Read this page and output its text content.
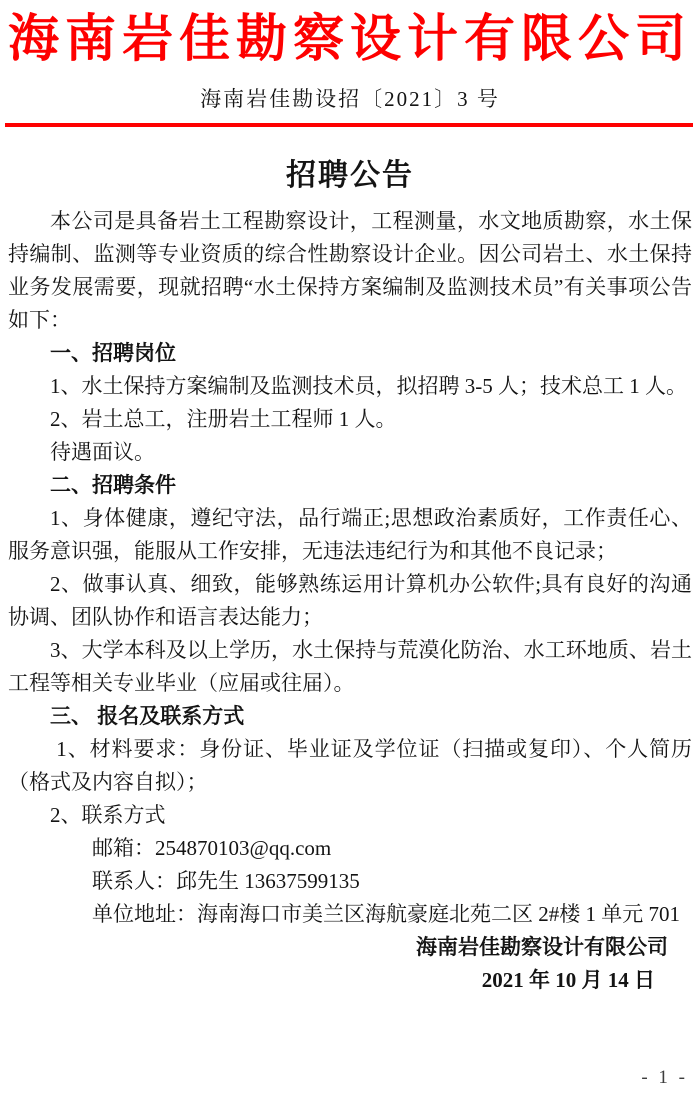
海南岩佳勘察设计有限公司
海南岩佳勘设招〔2021〕3 号
招聘公告

本公司是具备岩土工程勘察设计，工程测量，水文地质勘察，水土保持编制、监测等专业资质的综合性勘察设计企业。因公司岩土、水土保持业务发展需要，现就招聘“水土保持方案编制及监测技术员”有关事项公告如下：

一、招聘岗位

1、水土保持方案编制及监测技术员，拟招聘 3-5 人；技术总工 1 人。

2、岩土总工，注册岩土工程师 1 人。

待遇面议。

二、招聘条件

1、身体健康，遵纪守法，品行端正;思想政治素质好，工作责任心、服务意识强，能服从工作安排，无违法违纪行为和其他不良记录；

2、做事认真、细致，能够熟练运用计算机办公软件;具有良好的沟通协调、团队协作和语言表达能力；

3、大学本科及以上学历，水土保持与荒漠化防治、水工环地质、岩土工程等相关专业毕业（应届或往届）。

三、 报名及联系方式

1、材料要求：身份证、毕业证及学位证（扫描或复印）、个人简历（格式及内容自拟）；

2、联系方式

邮箱：254870103@qq.com

联系人：邱先生 13637599135

单位地址：海南海口市美兰区海航豪庭北苑二区 2#楼 1 单元 701

海南岩佳勘察设计有限公司

2021 年 10 月 14 日

- 1 -
